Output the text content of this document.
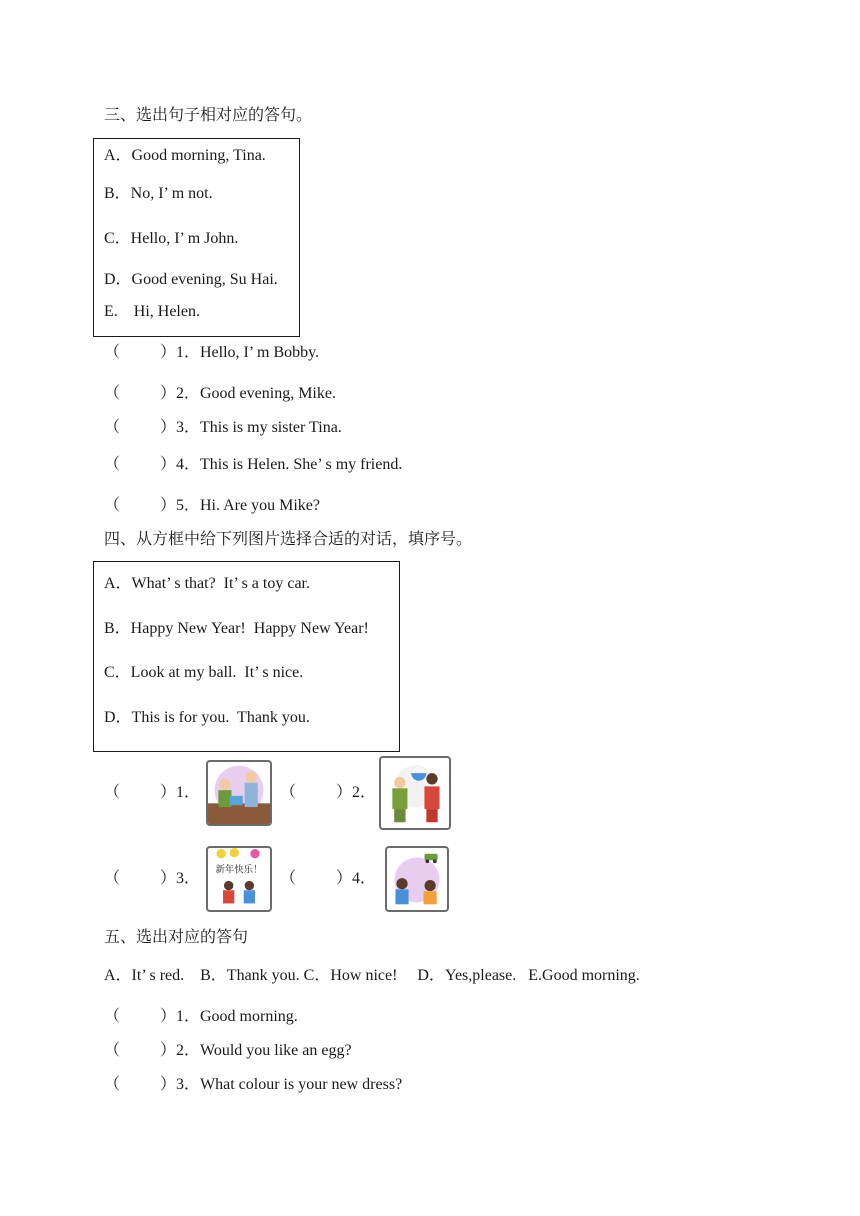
三、选出句子相对应的答句。
A．Good morning, Tina.
B．No, I’ m not.
C．Hello, I’ m John.
D．Good evening, Su Hai.
E.    Hi, Helen.
（          ）1．Hello, I’ m Bobby.
（          ）2．Good evening, Mike.
（          ）3．This is my sister Tina.
（          ）4．This is Helen. She’ s my friend.
（          ）5．Hi. Are you Mike?
四、从方框中给下列图片选择合适的对话，填序号。
A．What’ s that?  It’ s a toy car.
B．Happy New Year!  Happy New Year!
C．Look at my ball.  It’ s nice.
D．This is for you.  Thank you.
（          ）1．	（          ）2．
（          ）3．
新年快乐！
（          ）4．
五、选出对应的答句
A．It’ s red.    B．Thank you. C．How nice!     D．Yes,please.   E.Good morning.
（          ）1．Good morning.
（          ）2．Would you like an egg?
（          ）3．What colour is your new dress?
